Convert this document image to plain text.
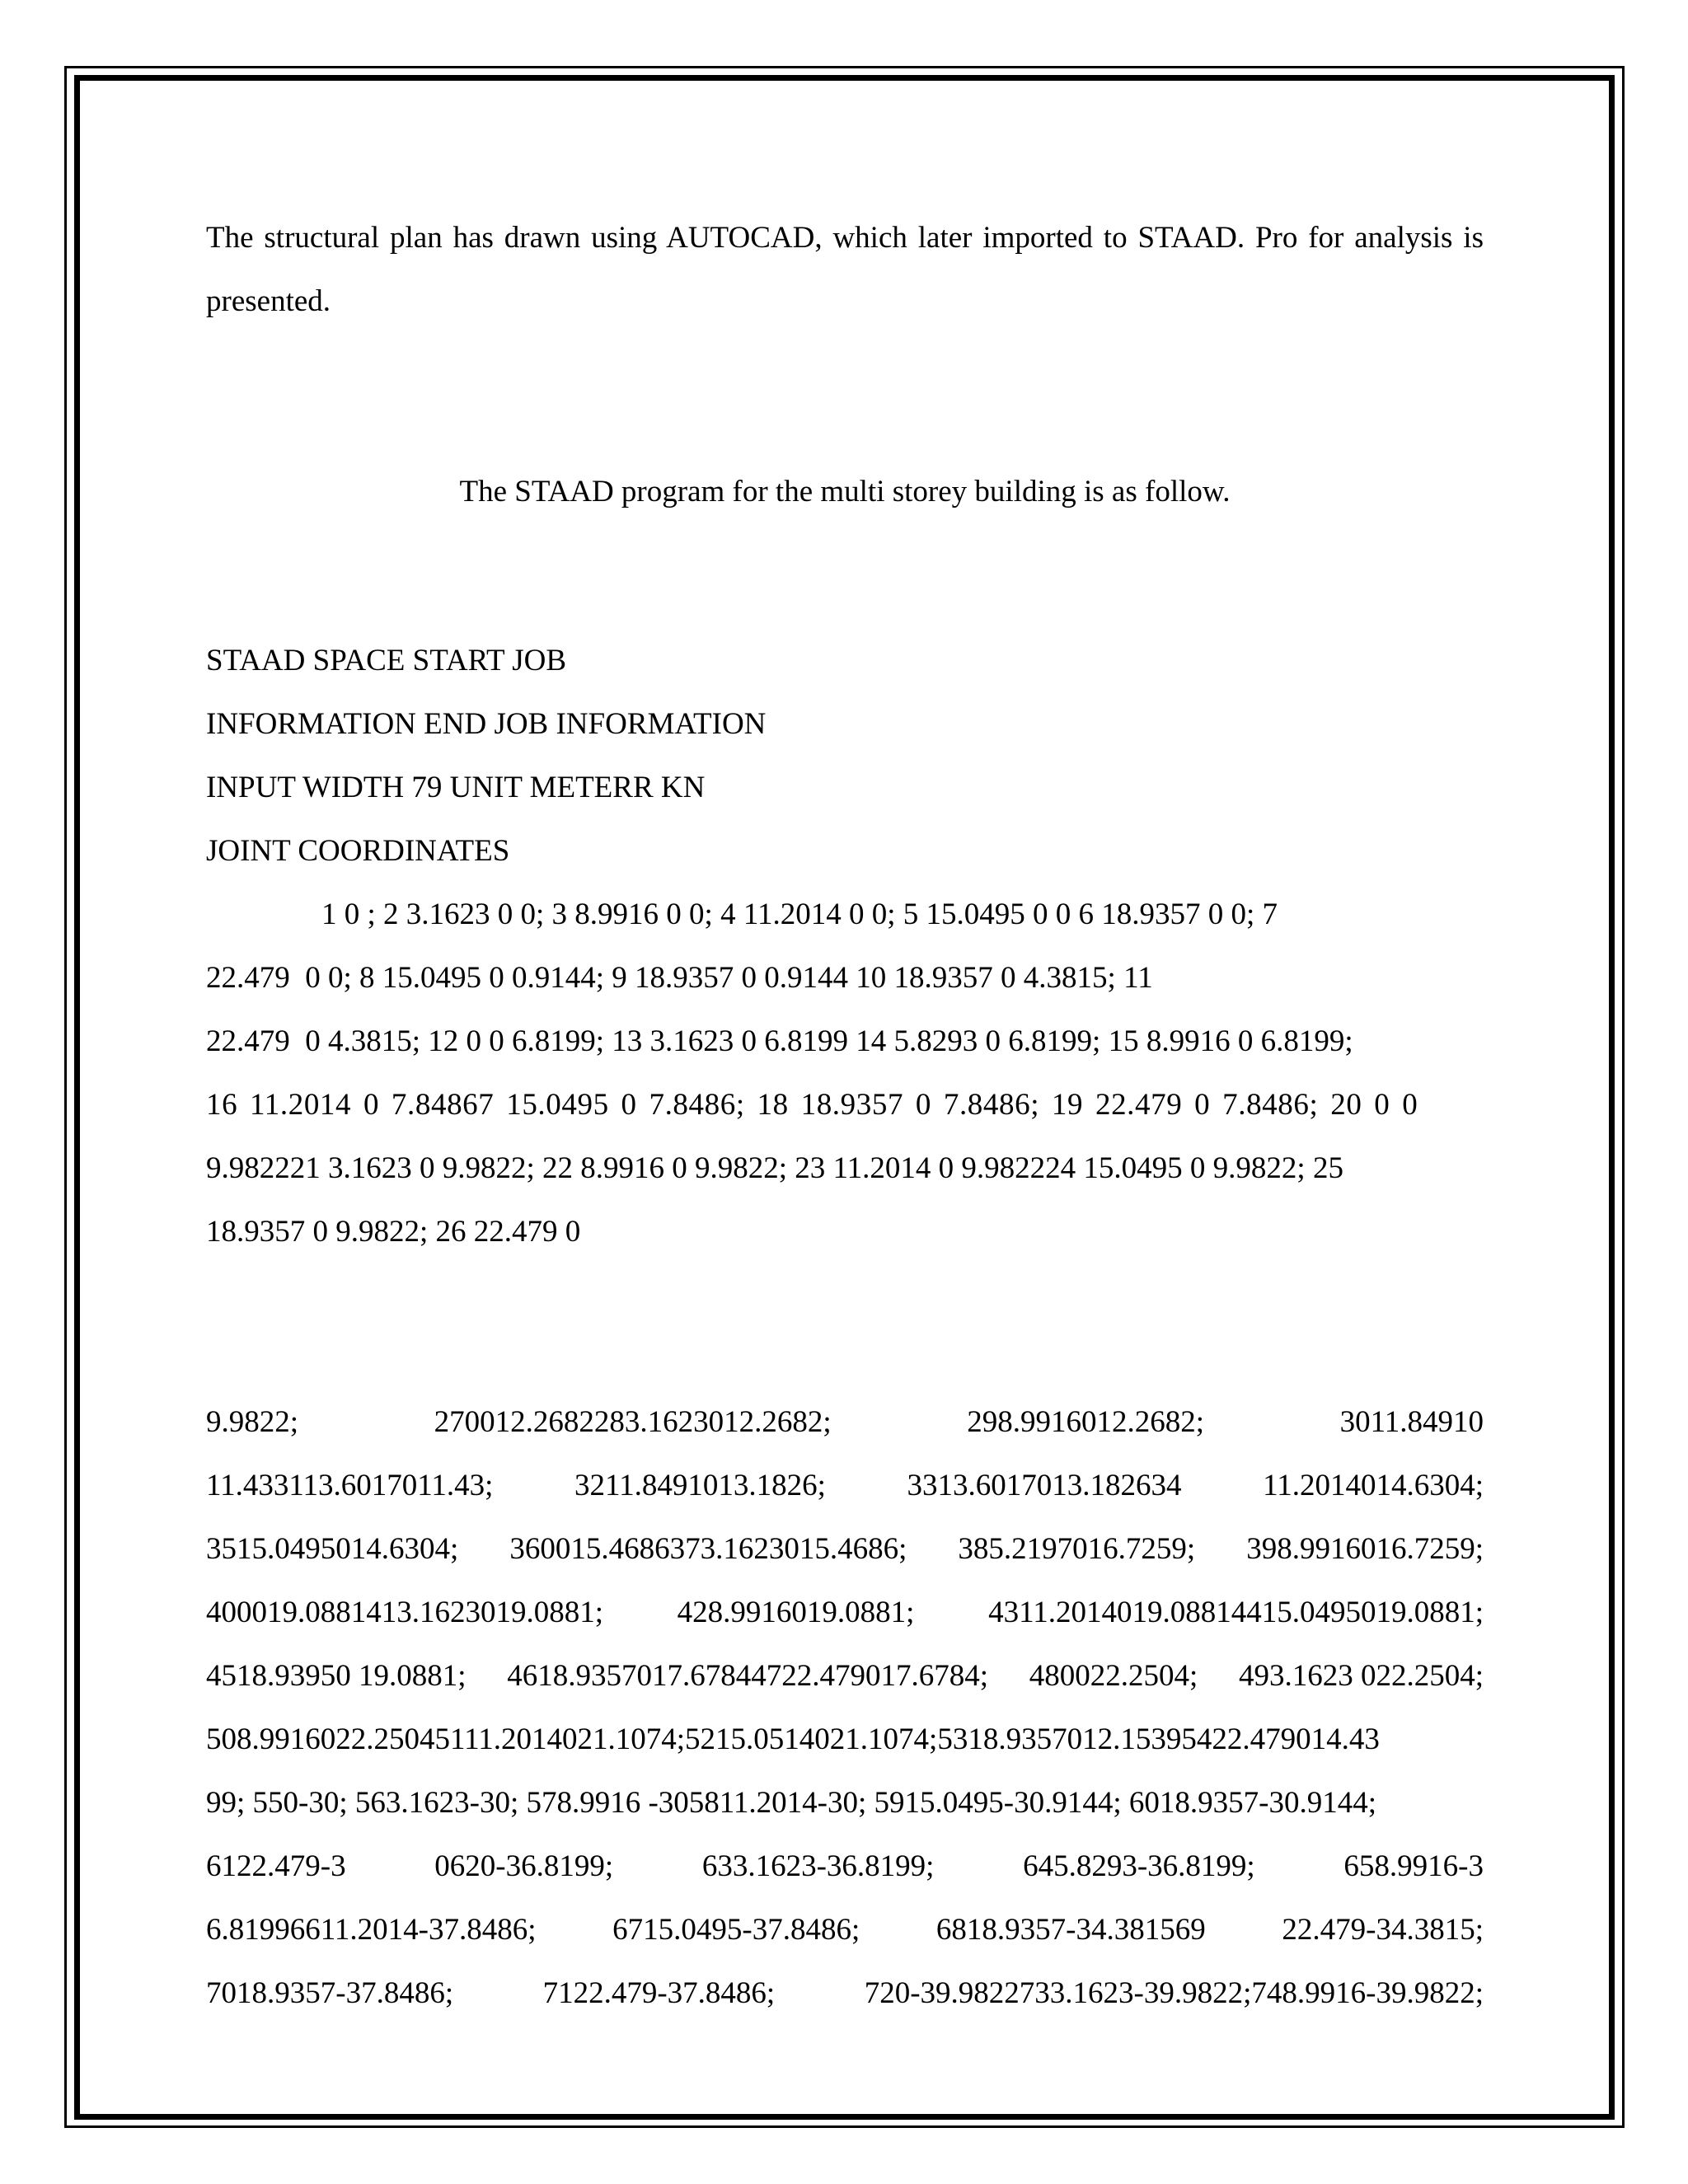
The structural plan has drawn using AUTOCAD, which later imported to STAAD. Pro for analysis is presented.

The STAAD program for the multi storey building is as follow.

STAAD SPACE START JOB

INFORMATION END JOB INFORMATION

INPUT WIDTH 79 UNIT METERR KN

JOINT COORDINATES

1 0 ; 2 3.1623 0 0; 3 8.9916 0 0; 4 11.2014 0 0; 5 15.0495 0 0 6 18.9357 0 0; 7

22.479  0 0; 8 15.0495 0 0.9144; 9 18.9357 0 0.9144 10 18.9357 0 4.3815; 11

22.479  0 4.3815; 12 0 0 6.8199; 13 3.1623 0 6.8199 14 5.8293 0 6.8199; 15 8.9916 0 6.8199;

16 11.2014 0 7.84867 15.0495 0 7.8486; 18 18.9357 0 7.8486; 19 22.479 0 7.8486; 20 0 0

9.982221 3.1623 0 9.9822; 22 8.9916 0 9.9822; 23 11.2014 0 9.982224 15.0495 0 9.9822; 25

18.9357 0 9.9822; 26 22.479 0

9.9822;	270012.2682283.1623012.2682;	298.9916012.2682;	3011.84910

11.433113.6017011.43;	3211.8491013.1826;	3313.6017013.182634	11.2014014.6304;

3515.0495014.6304; 360015.4686373.1623015.4686; 385.2197016.7259; 398.9916016.7259;

400019.0881413.1623019.0881; 428.9916019.0881; 4311.2014019.08814415.0495019.0881;

4518.93950 19.0881; 4618.9357017.67844722.479017.6784; 480022.2504; 493.1623 022.2504;

508.9916022.25045111.2014021.1074;5215.0514021.1074;5318.9357012.15395422.479014.43

99; 550-30; 563.1623-30; 578.9916 -305811.2014-30; 5915.0495-30.9144; 6018.9357-30.9144;

6122.479-3	0620-36.8199;	633.1623-36.8199;	645.8293-36.8199;	658.9916-3

6.81996611.2014-37.8486;	6715.0495-37.8486;	6818.9357-34.381569	22.479-34.3815;

7018.9357-37.8486;	7122.479-37.8486;	720-39.9822733.1623-39.9822;748.9916-39.9822;
